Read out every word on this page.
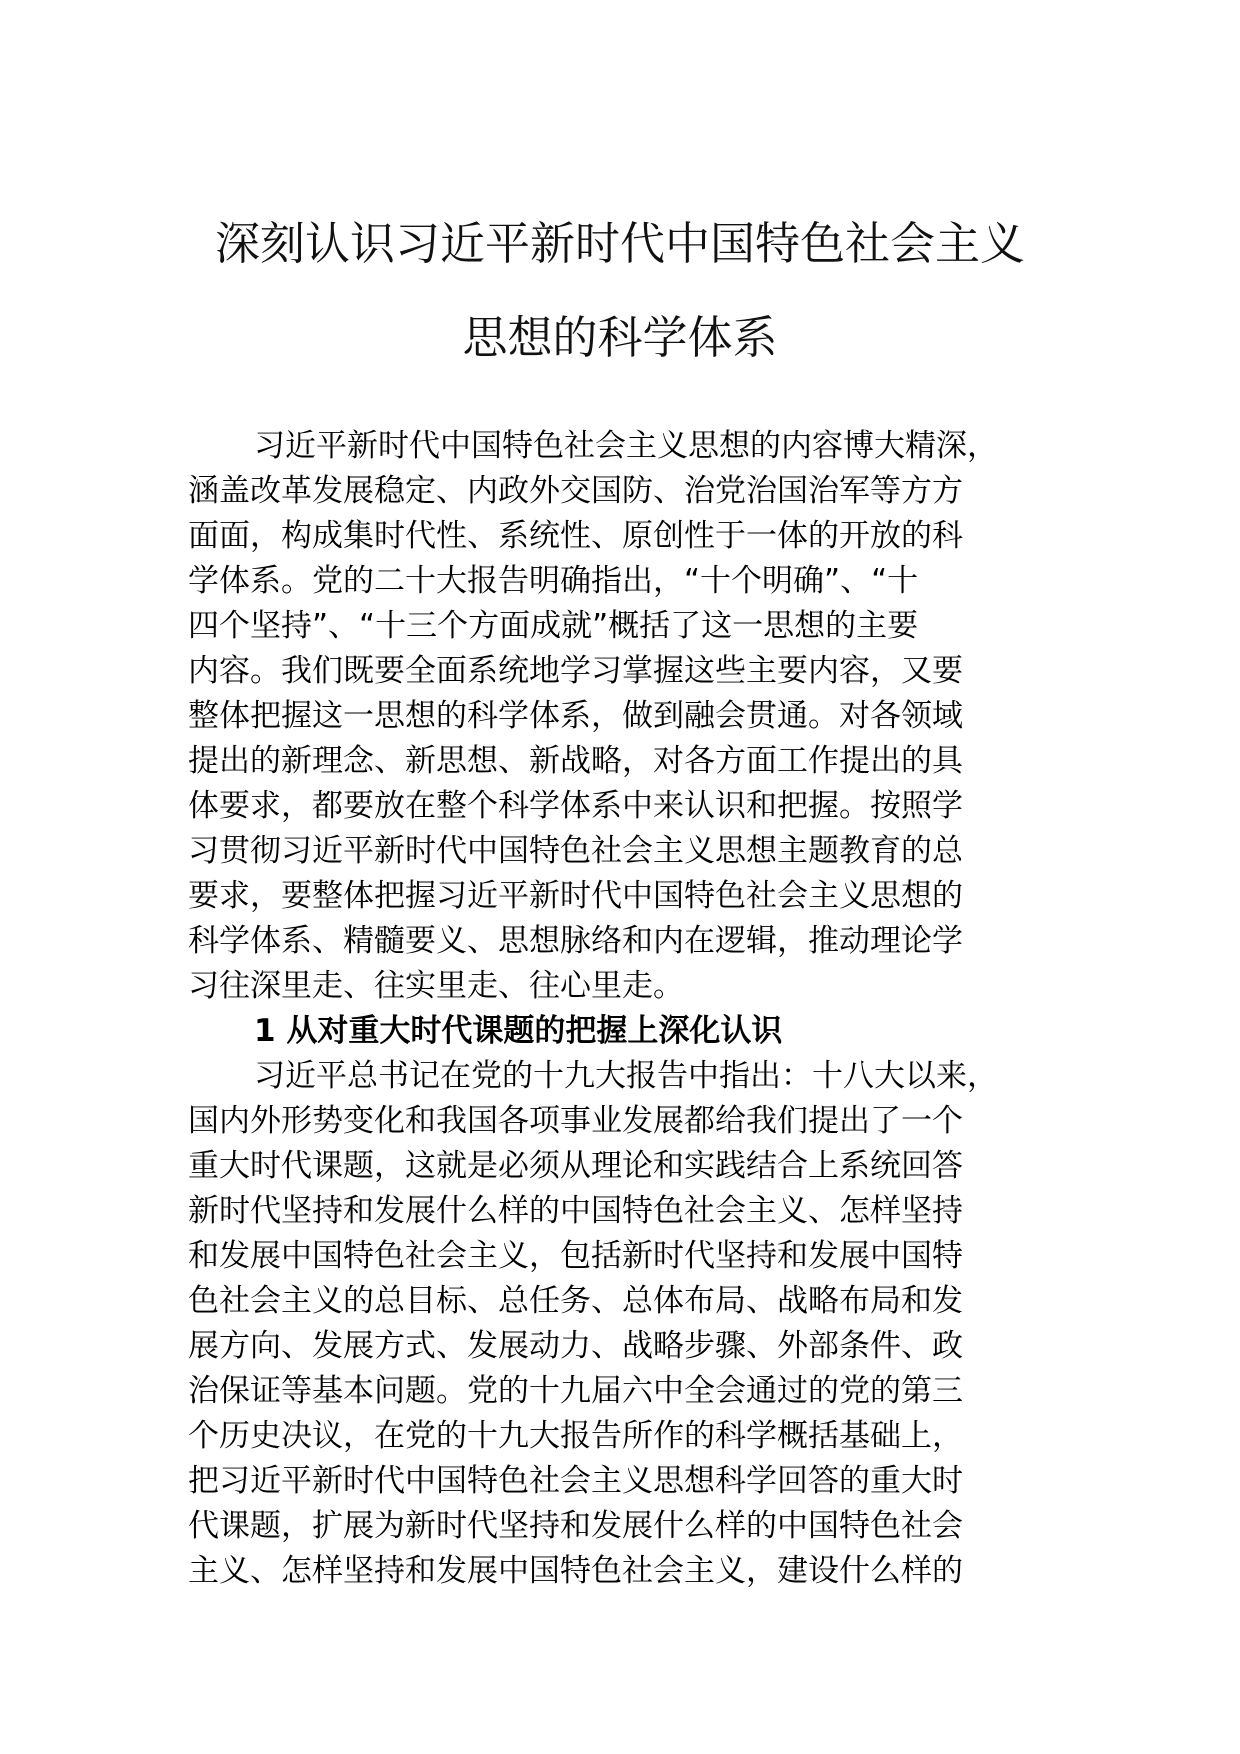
深刻认识习近平新时代中国特色社会主义
思想的科学体系
习近平新时代中国特色社会主义思想的内容博大精深，
涵盖改革发展稳定、内政外交国防、治党治国治军等方方
面面，构成集时代性、系统性、原创性于一体的开放的科
学体系。党的二十大报告明确指出，“十个明确”、“十
四个坚持”、“十三个方面成就”概括了这一思想的主要
内容。我们既要全面系统地学习掌握这些主要内容，又要
整体把握这一思想的科学体系，做到融会贯通。对各领域
提出的新理念、新思想、新战略，对各方面工作提出的具
体要求，都要放在整个科学体系中来认识和把握。按照学
习贯彻习近平新时代中国特色社会主义思想主题教育的总
要求，要整体把握习近平新时代中国特色社会主义思想的
科学体系、精髓要义、思想脉络和内在逻辑，推动理论学
习往深里走、往实里走、往心里走。
1 从对重大时代课题的把握上深化认识
习近平总书记在党的十九大报告中指出：十八大以来，
国内外形势变化和我国各项事业发展都给我们提出了一个
重大时代课题，这就是必须从理论和实践结合上系统回答
新时代坚持和发展什么样的中国特色社会主义、怎样坚持
和发展中国特色社会主义，包括新时代坚持和发展中国特
色社会主义的总目标、总任务、总体布局、战略布局和发
展方向、发展方式、发展动力、战略步骤、外部条件、政
治保证等基本问题。党的十九届六中全会通过的党的第三
个历史决议，在党的十九大报告所作的科学概括基础上，
把习近平新时代中国特色社会主义思想科学回答的重大时
代课题，扩展为新时代坚持和发展什么样的中国特色社会
主义、怎样坚持和发展中国特色社会主义，建设什么样的
